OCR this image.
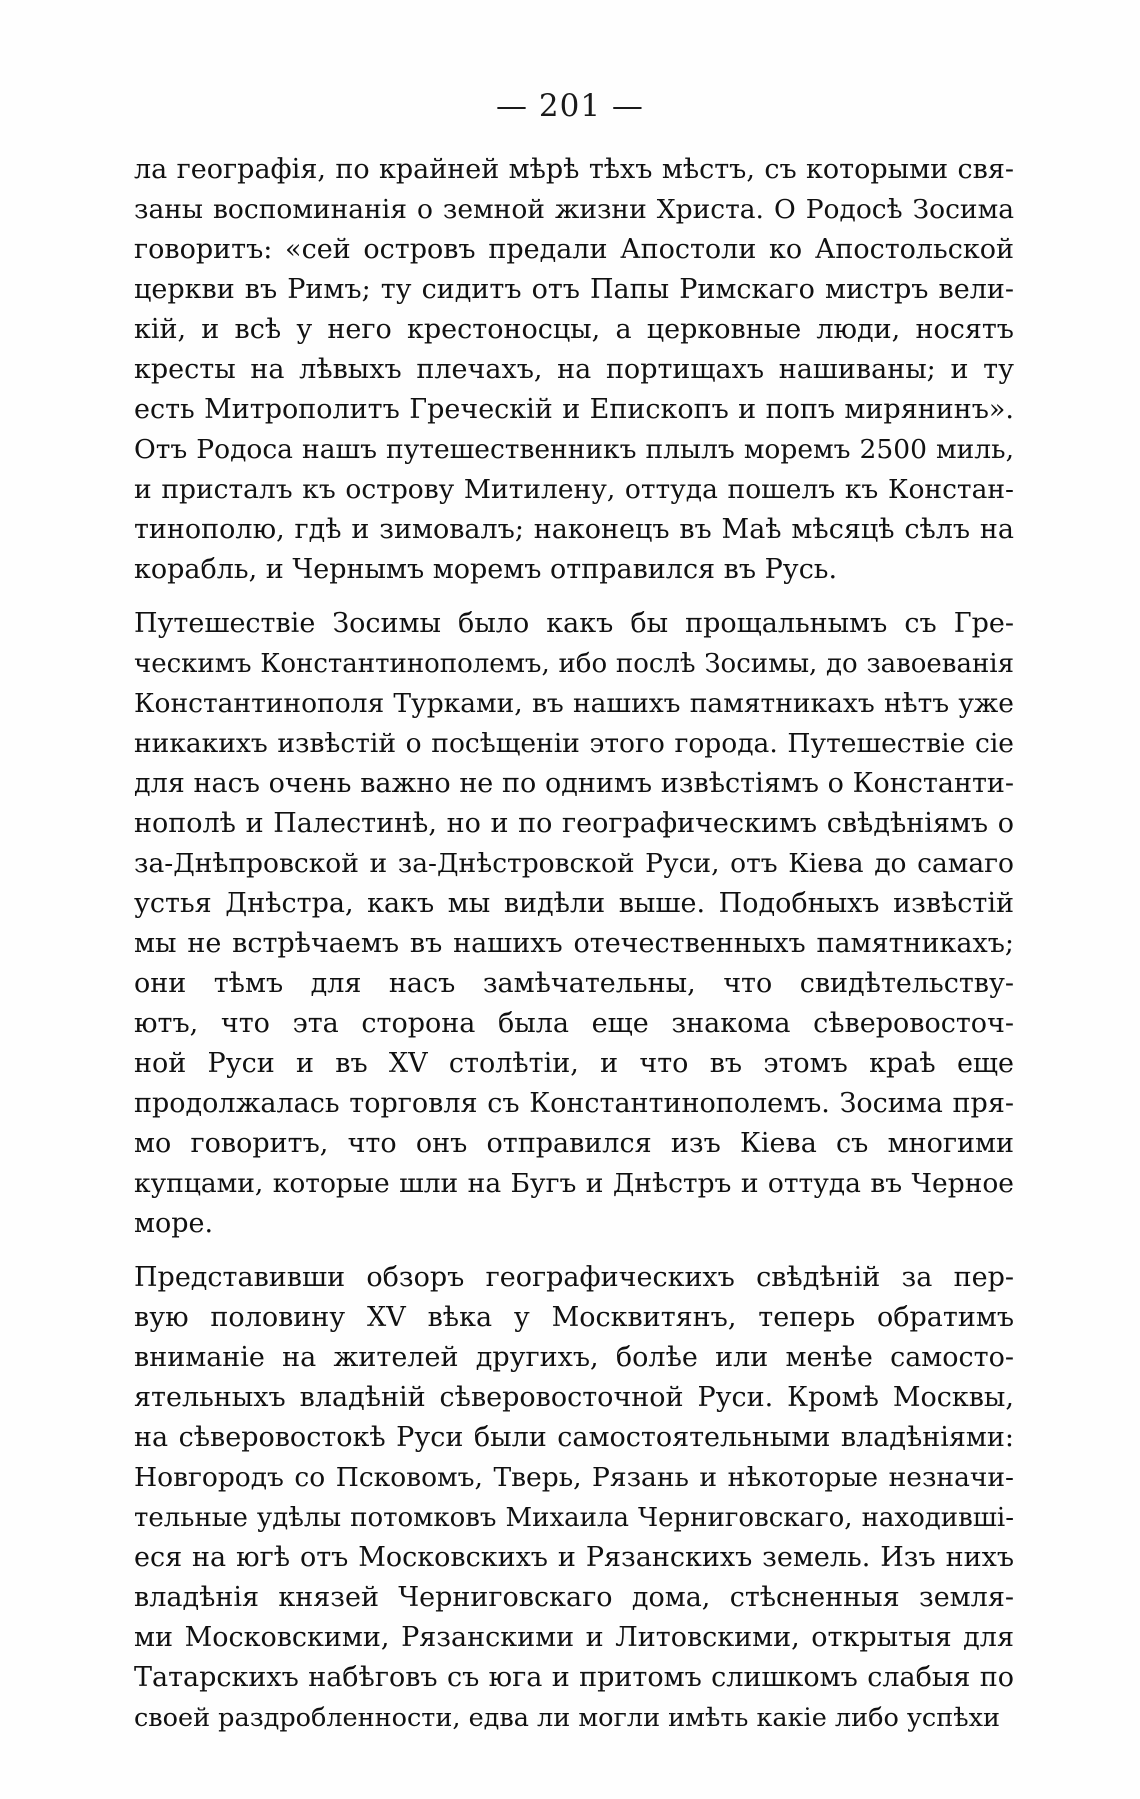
— 201 —
ла географія, по крайней мѣрѣ тѣхъ мѣстъ, съ которыми свя-
заны воспоминанія о земной жизни Христа. О Родосѣ Зосима
говоритъ: «сей островъ предали Апостоли ко Апостольской
церкви въ Римъ; ту сидитъ отъ Папы Римскаго мистръ вели-
кій, и всѣ у него крестоносцы, а церковные люди, носятъ
кресты на лѣвыхъ плечахъ, на портищахъ нашиваны; и ту
есть Митрополитъ Греческій и Епископъ и попъ мирянинъ».
Отъ Родоса нашъ путешественникъ плылъ моремъ 2500 миль,
и присталъ къ острову Митилену, оттуда пошелъ къ Констан-
тинополю, гдѣ и зимовалъ; наконецъ въ Маѣ мѣсяцѣ сѣлъ на
корабль, и Чернымъ моремъ отправился въ Русь.
Путешествіе Зосимы было какъ бы прощальнымъ съ Гре-
ческимъ Константинополемъ, ибо послѣ Зосимы, до завоеванія
Константинополя Турками, въ нашихъ памятникахъ нѣтъ уже
никакихъ извѣстій о посѣщеніи этого города. Путешествіе сіе
для насъ очень важно не по однимъ извѣстіямъ о Константи-
нополѣ и Палестинѣ, но и по географическимъ свѣдѣніямъ о
за-Днѣпровской и за-Днѣстровской Руси, отъ Кіева до самаго
устья Днѣстра, какъ мы видѣли выше. Подобныхъ извѣстій
мы не встрѣчаемъ въ нашихъ отечественныхъ памятникахъ;
они тѣмъ для насъ замѣчательны, что свидѣтельству-
ютъ, что эта сторона была еще знакома сѣверовосточ-
ной Руси и въ XV столѣтіи, и что въ этомъ краѣ еще
продолжалась торговля съ Константинополемъ. Зосима пря-
мо говоритъ, что онъ отправился изъ Кіева съ многими
купцами, которые шли на Бугъ и Днѣстръ и оттуда въ Черное
море.
Представивши обзоръ географическихъ свѣдѣній за пер-
вую половину XV вѣка у Москвитянъ, теперь обратимъ
вниманіе на жителей другихъ, болѣе или менѣе самосто-
ятельныхъ владѣній сѣверовосточной Руси. Кромѣ Москвы,
на сѣверовостокѣ Руси были самостоятельными владѣніями:
Новгородъ со Псковомъ, Тверь, Рязань и нѣкоторые незначи-
тельные удѣлы потомковъ Михаила Черниговскаго, находивші-
еся на югѣ отъ Московскихъ и Рязанскихъ земель. Изъ нихъ
владѣнія князей Черниговскаго дома, стѣсненныя земля-
ми Московскими, Рязанскими и Литовскими, открытыя для
Татарскихъ набѣговъ съ юга и притомъ слишкомъ слабыя по
своей раздробленности, едва ли могли имѣть какіе либо успѣхи
